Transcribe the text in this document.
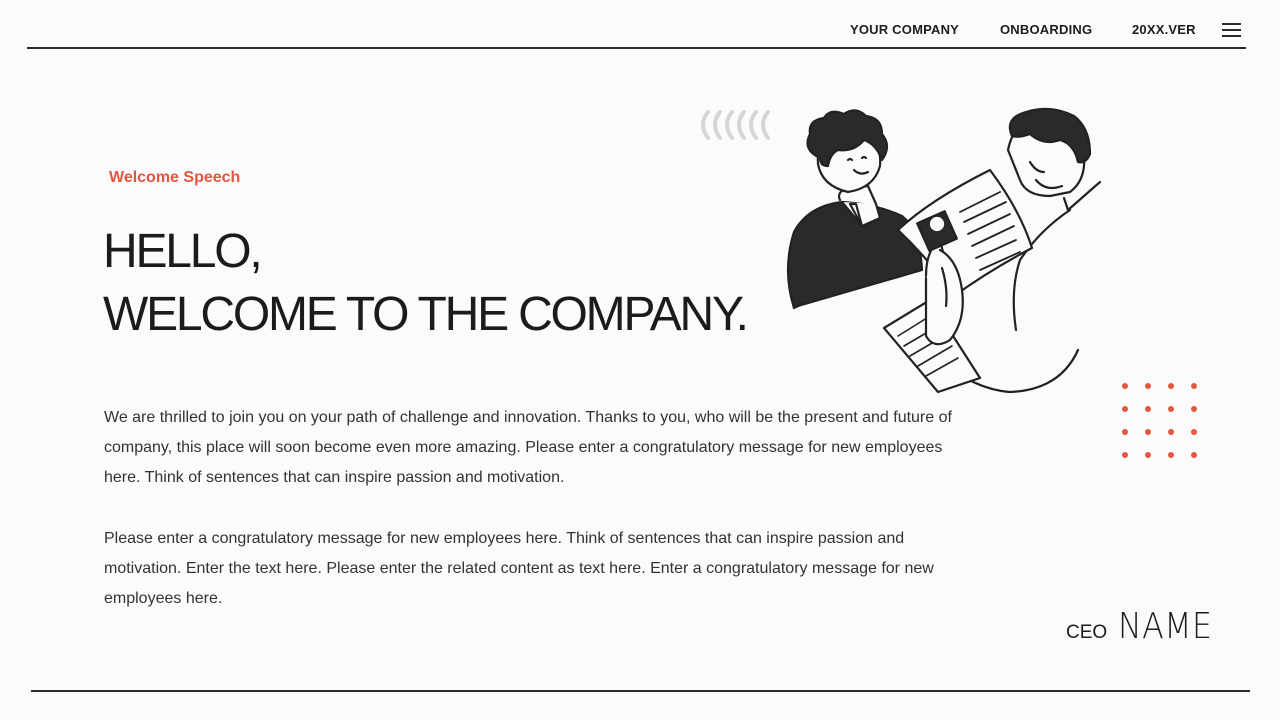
YOUR COMPANY	ONBOARDING	20XX.VER
Welcome Speech
HELLO,
WELCOME TO THE COMPANY.

We are thrilled to join you on your path of challenge and innovation. Thanks to you, who will be the present and future of company, this place will soon become even more amazing. Please enter a congratulatory message for new employees here. Think of sentences that can inspire passion and motivation.

Please enter a congratulatory message for new employees here. Think of sentences that can inspire passion and motivation. Enter the text here. Please enter the related content as text here. Enter a congratulatory message for new employees here.

CEO NAME
